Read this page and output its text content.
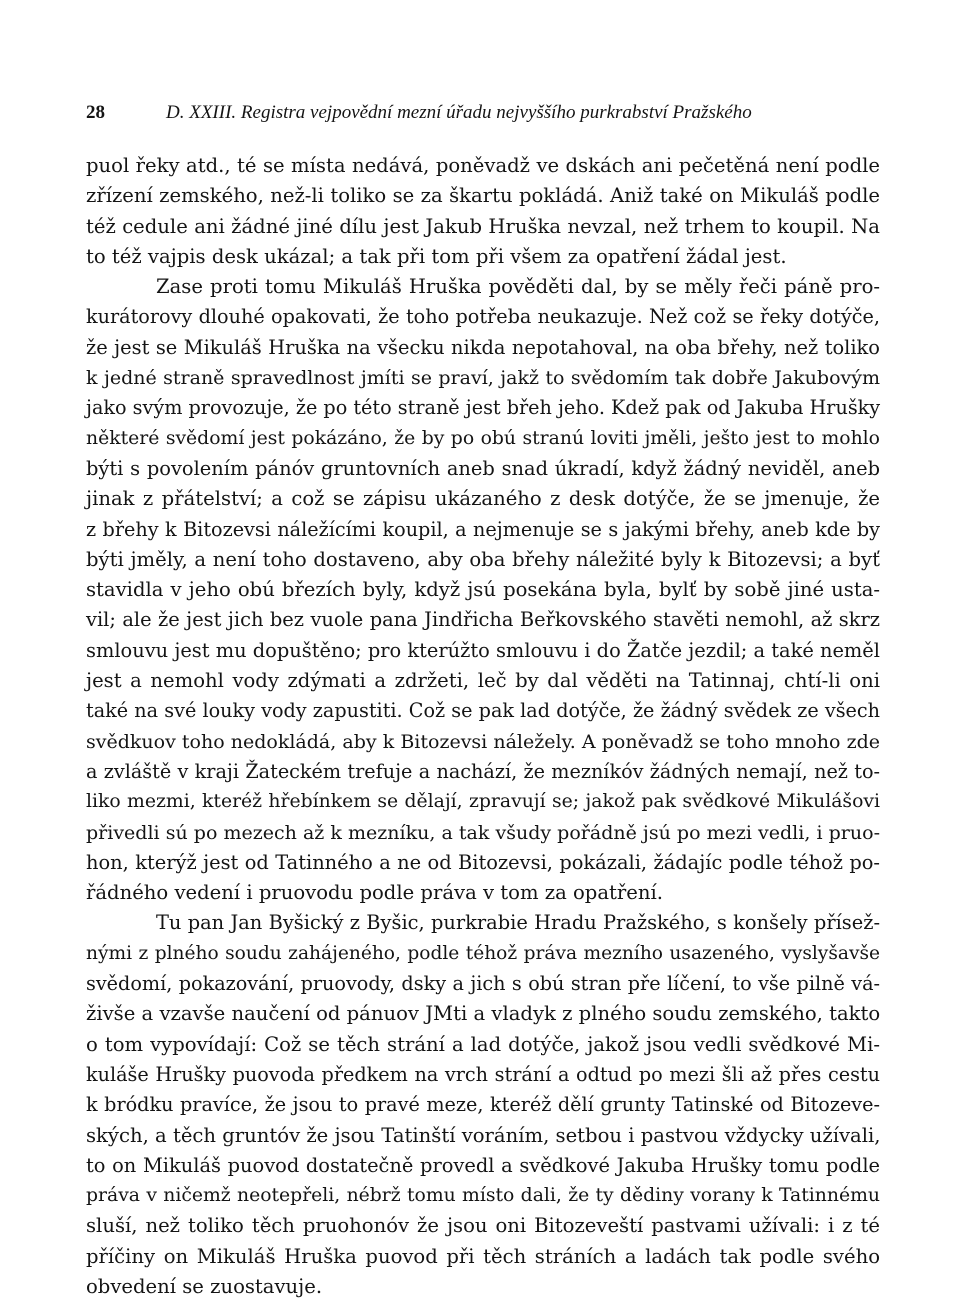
28	D. XXIII. Registra vejpovědní mezní úřadu nejvyššího purkrabství Pražského
puol řeky atd., té se místa nedává, poněvadž ve dskách ani pečetěná není podle
zřízení zemského, než-li toliko se za škartu pokládá. Aniž také on Mikuláš podle
též cedule ani žádné jiné dílu jest Jakub Hruška nevzal, než trhem to koupil. Na
to též vajpis desk ukázal; a tak při tom při všem za opatření žádal jest.
Zase proti tomu Mikuláš Hruška pověděti dal, by se měly řeči páně pro-
kurátorovy dlouhé opakovati, že toho potřeba neukazuje. Než což se řeky dotýče,
že jest se Mikuláš Hruška na všecku nikda nepotahoval, na oba břehy, než toliko
k jedné straně spravedlnost jmíti se praví, jakž to svědomím tak dobře Jakubovým
jako svým provozuje, že po této straně jest břeh jeho. Kdež pak od Jakuba Hrušky
některé svědomí jest pokázáno, že by po obú stranú loviti jměli, ješto jest to mohlo
býti s povolením pánóv gruntovních aneb snad úkradí, když žádný neviděl, aneb
jinak z přátelství; a což se zápisu ukázaného z desk dotýče, že se jmenuje, že
z břehy k Bitozevsi náležícími koupil, a nejmenuje se s jakými břehy, aneb kde by
býti jměly, a není toho dostaveno, aby oba břehy náležité byly k Bitozevsi; a byť
stavidla v jeho obú březích byly, když jsú posekána byla, bylť by sobě jiné usta-
vil; ale že jest jich bez vuole pana Jindřicha Beřkovského stavěti nemohl, až skrz
smlouvu jest mu dopuštěno; pro kterúžto smlouvu i do Žatče jezdil; a také neměl
jest a nemohl vody zdýmati a zdržeti, leč by dal věděti na Tatinnaj, chtí-li oni
také na své louky vody zapustiti. Což se pak lad dotýče, že žádný svědek ze všech
svědkuov toho nedokládá, aby k Bitozevsi náležely. A poněvadž se toho mnoho zde
a zvláště v kraji Žateckém trefuje a nachází, že mezníkóv žádných nemají, než to-
liko mezmi, kteréž hřebínkem se dělají, zpravují se; jakož pak svědkové Mikulášovi
přivedli sú po mezech až k mezníku, a tak všudy pořádně jsú po mezi vedli, i pruo-
hon, kterýž jest od Tatinného a ne od Bitozevsi, pokázali, žádajíc podle téhož po-
řádného vedení i pruovodu podle práva v tom za opatření.
Tu pan Jan Byšický z Byšic, purkrabie Hradu Pražského, s konšely přísež-
nými z plného soudu zahájeného, podle téhož práva mezního usazeného, vyslyšavše
svědomí, pokazování, pruovody, dsky a jich s obú stran pře líčení, to vše pilně vá-
živše a vzavše naučení od pánuov JMti a vladyk z plného soudu zemského, takto
o tom vypovídají: Což se těch strání a lad dotýče, jakož jsou vedli svědkové Mi-
kuláše Hrušky puovoda předkem na vrch strání a odtud po mezi šli až přes cestu
k bródku pravíce, že jsou to pravé meze, kteréž dělí grunty Tatinské od Bitozeve-
ských, a těch gruntóv že jsou Tatinští voráním, setbou i pastvou vždycky užívali,
to on Mikuláš puovod dostatečně provedl a svědkové Jakuba Hrušky tomu podle
práva v ničemž neotepřeli, nébrž tomu místo dali, že ty dědiny vorany k Tatinnému
sluší, než toliko těch pruohonóv že jsou oni Bitozeveští pastvami užívali: i z té
příčiny on Mikuláš Hruška puovod při těch stráních a ladách tak podle svého
obvedení se zuostavuje.
